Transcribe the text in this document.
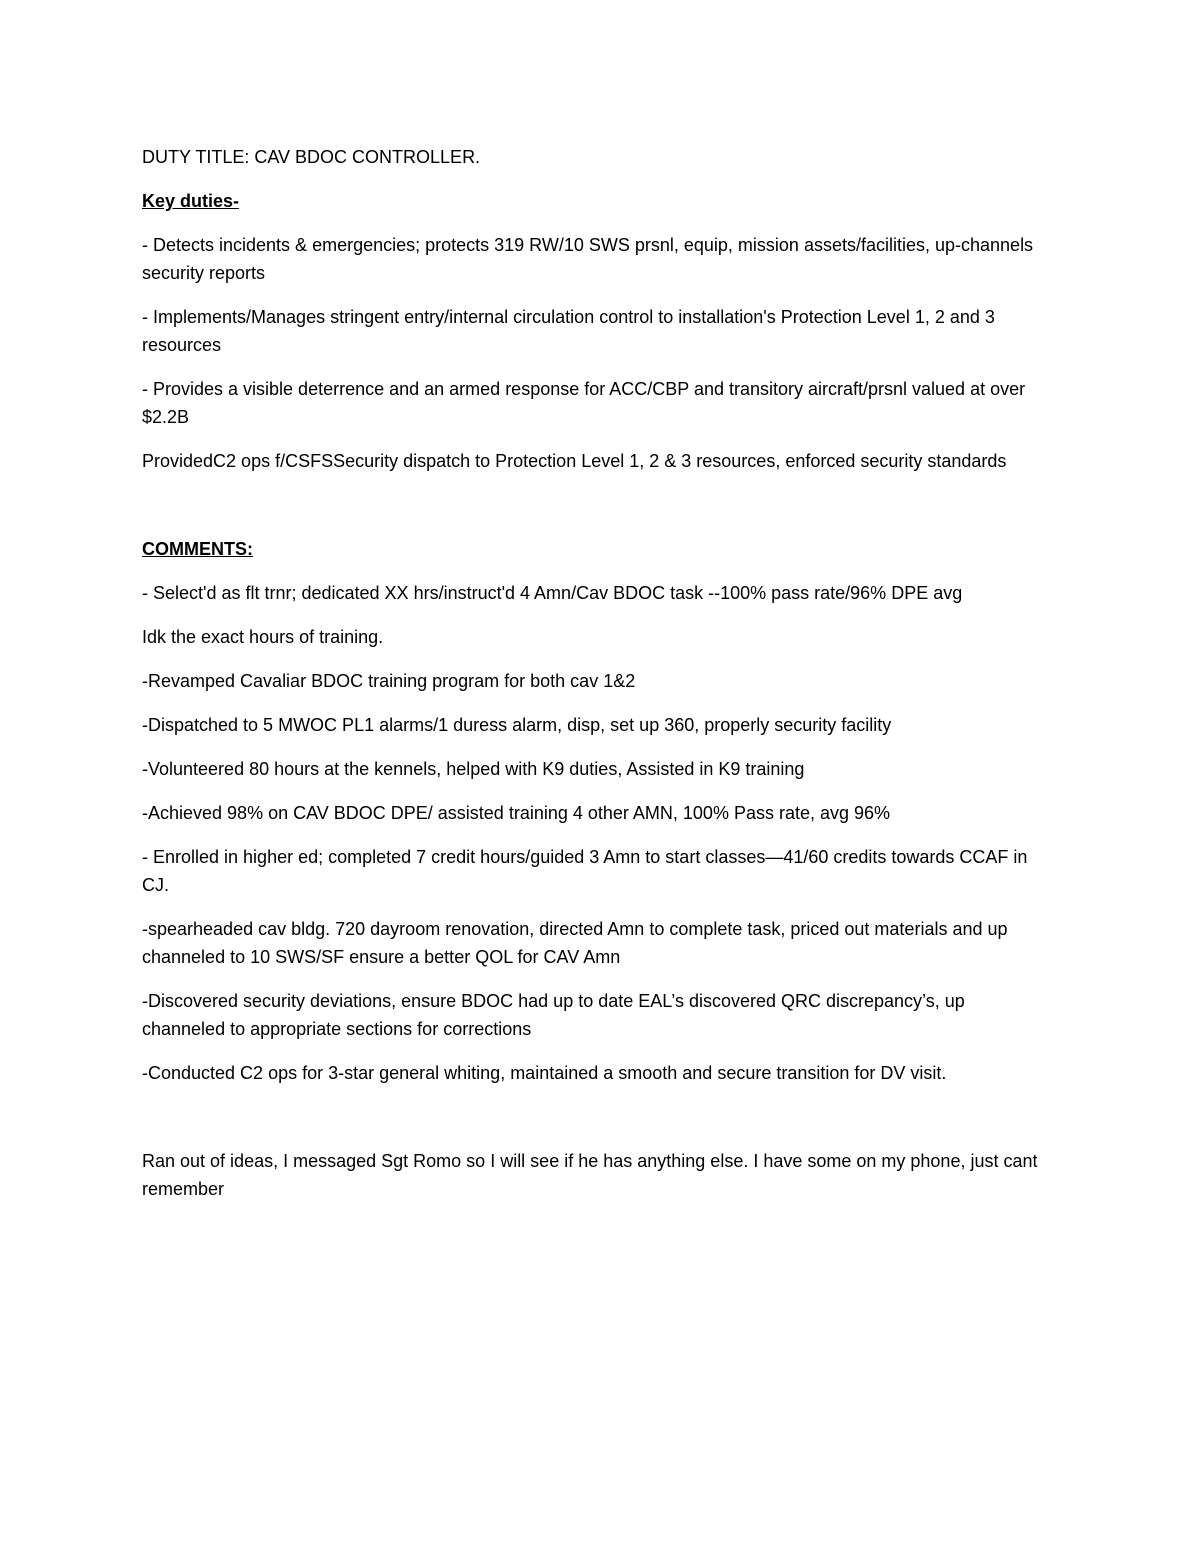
DUTY TITLE: CAV BDOC CONTROLLER.
Key duties-
- Detects incidents & emergencies; protects 319 RW/10 SWS prsnl, equip, mission assets/facilities, up-channels security reports
- Implements/Manages stringent entry/internal circulation control to installation's Protection Level 1, 2 and 3 resources
- Provides a visible deterrence and an armed response for ACC/CBP and transitory aircraft/prsnl valued at over $2.2B
ProvidedC2 ops f/CSFSSecurity dispatch to Protection Level 1, 2 & 3 resources, enforced security standards
COMMENTS:
- Select'd as flt trnr; dedicated XX hrs/instruct'd 4 Amn/Cav BDOC task --100% pass rate/96% DPE avg
Idk the exact hours of training.
-Revamped Cavaliar BDOC training program for both cav 1&2
-Dispatched to 5 MWOC PL1 alarms/1 duress alarm, disp, set up 360, properly security facility
-Volunteered 80 hours at the kennels, helped with K9 duties, Assisted in K9 training
-Achieved 98% on CAV BDOC DPE/ assisted training 4 other AMN, 100% Pass rate, avg 96%
- Enrolled in higher ed; completed 7 credit hours/guided 3 Amn to start classes—41/60 credits towards CCAF in CJ.
-spearheaded cav bldg. 720 dayroom renovation, directed Amn to complete task, priced out materials and up channeled to 10 SWS/SF ensure a better QOL for CAV Amn
-Discovered security deviations, ensure BDOC had up to date EAL’s discovered QRC discrepancy’s, up channeled to appropriate sections for corrections
-Conducted C2 ops for 3-star general whiting, maintained a smooth and secure transition for DV visit.
Ran out of ideas, I messaged Sgt Romo so I will see if he has anything else. I have some on my phone, just cant remember
